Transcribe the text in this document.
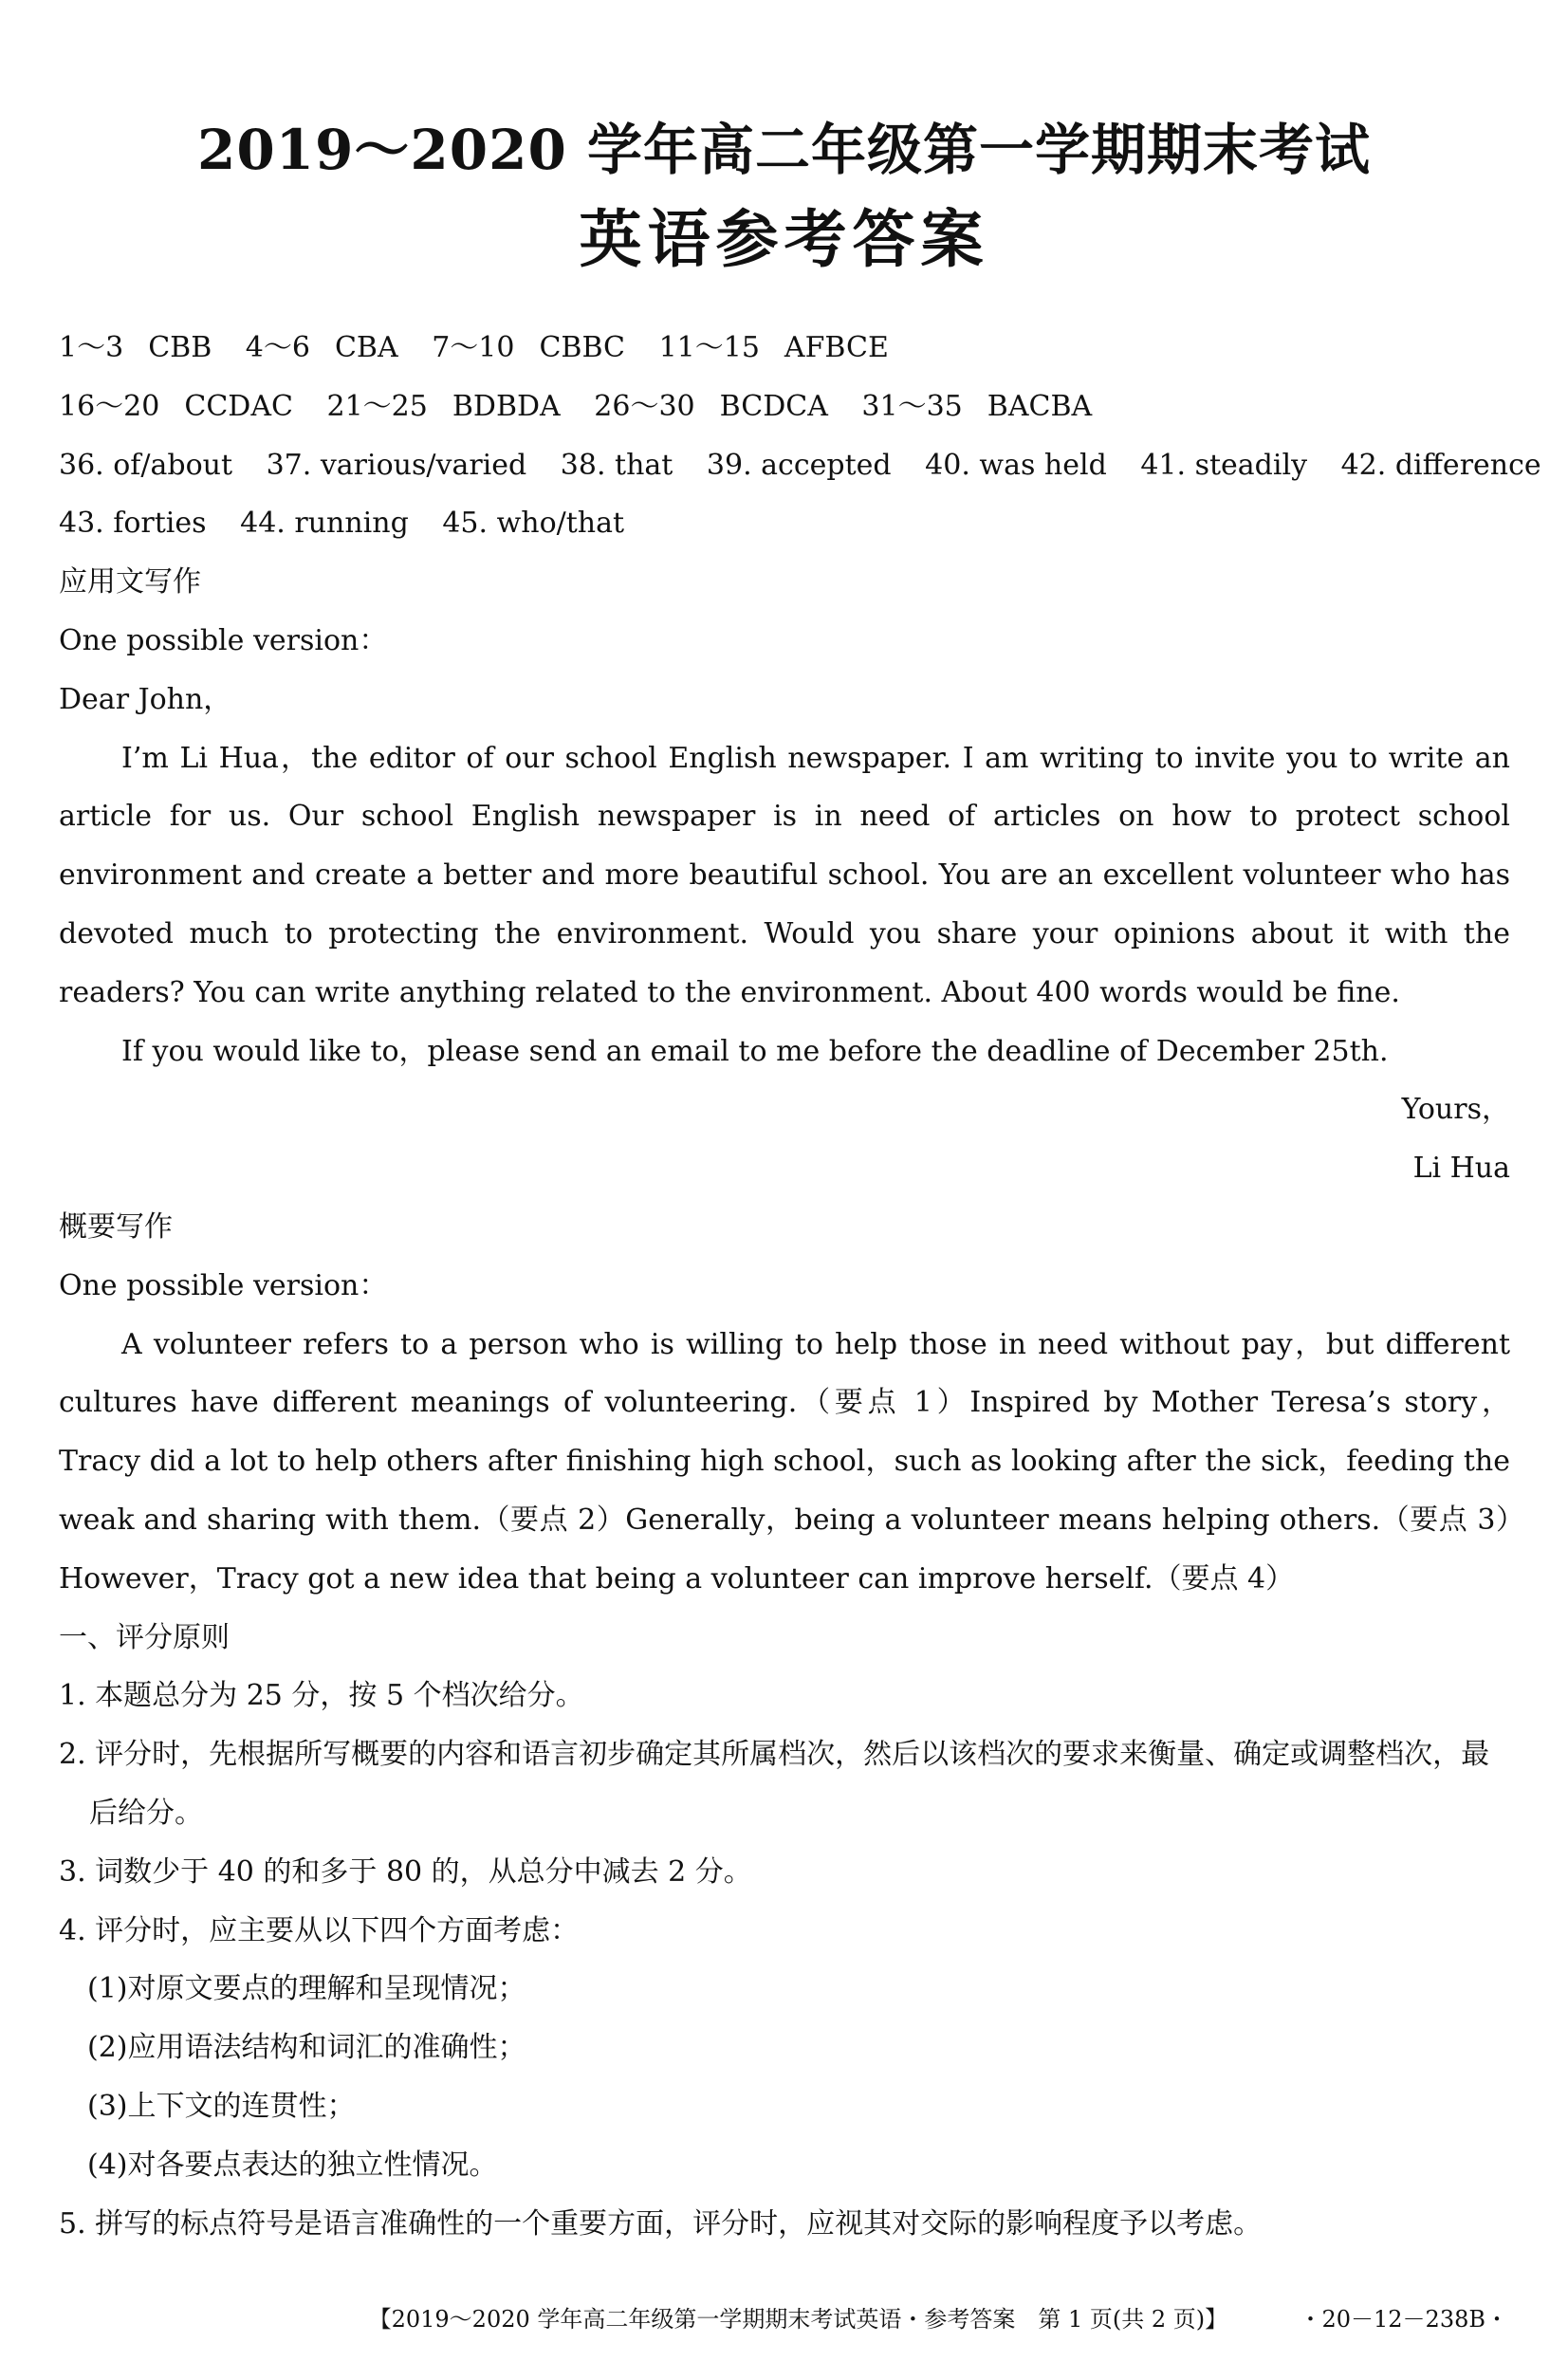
2019～2020 学年高二年级第一学期期末考试
英语参考答案
1～3 CBB 4～6 CBA 7～10 CBBC 11～15 AFBCE
16～20 CCDAC 21～25 BDBDA 26～30 BCDCA 31～35 BACBA
36. of/about 37. various/varied 38. that 39. accepted 40. was held 41. steadily 42. difference
43. forties 44. running 45. who/that
应用文写作
One possible version：
Dear John，
I’m Li Hua，the editor of our school English newspaper. I am writing to invite you to write an article for us. Our school English newspaper is in need of articles on how to protect school environment and create a better and more beautiful school. You are an excellent volunteer who has devoted much to protecting the environment. Would you share your opinions about it with the readers? You can write anything related to the environment. About 400 words would be fine.
If you would like to，please send an email to me before the deadline of December 25th.
Yours，
Li Hua
概要写作
One possible version：
A volunteer refers to a person who is willing to help those in need without pay，but different cultures have different meanings of volunteering.（要点 1）Inspired by Mother Teresa’s story，Tracy did a lot to help others after finishing high school，such as looking after the sick，feeding the weak and sharing with them.（要点 2）Generally，being a volunteer means helping others.（要点 3）However，Tracy got a new idea that being a volunteer can improve herself.（要点 4）
一、评分原则
1. 本题总分为 25 分，按 5 个档次给分。
2. 评分时，先根据所写概要的内容和语言初步确定其所属档次，然后以该档次的要求来衡量、确定或调整档次，最后给分。
3. 词数少于 40 的和多于 80 的，从总分中减去 2 分。
4. 评分时，应主要从以下四个方面考虑：
(1)对原文要点的理解和呈现情况；
(2)应用语法结构和词汇的准确性；
(3)上下文的连贯性；
(4)对各要点表达的独立性情况。
5. 拼写的标点符号是语言准确性的一个重要方面，评分时，应视其对交际的影响程度予以考虑。
【2019～2020 学年高二年级第一学期期末考试英语・参考答案　第 1 页(共 2 页)】	・20－12－238B・
